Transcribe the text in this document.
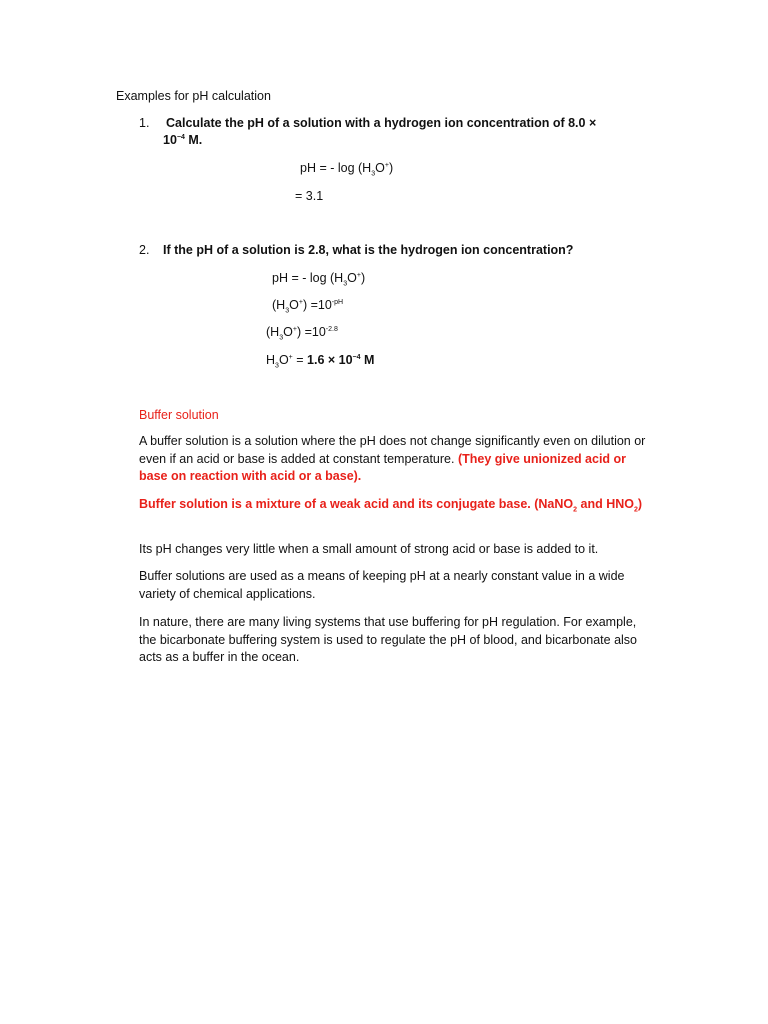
Examples for pH calculation
1. Calculate the pH of a solution with a hydrogen ion concentration of 8.0 ×
$10^{-4}$ M.
pH = - $\log (H_3O^+)$
= 3.1
2. If the pH of a solution is 2.8, what is the hydrogen ion concentration?
pH = - $\log (H_3O^+)$
$(H_3O^+) =10^{-pH}$
$(H_3O^+) =10^{-2.8}$
$H_3O^+ = 1.6 \times 10^{-4}$ M
Buffer solution
A buffer solution is a solution where the pH does not change significantly even on dilution or even if an acid or base is added at constant temperature. (They give unionized acid or base on reaction with acid or a base).
Buffer solution is a mixture of a weak acid and its conjugate base. (NaNO$_2$ and $HNO_2$)
Its pH changes very little when a small amount of strong acid or base is added to it.
Buffer solutions are used as a means of keeping pH at a nearly constant value in a wide variety of chemical applications.
In nature, there are many living systems that use buffering for pH regulation. For example, the bicarbonate buffering system is used to regulate the pH of blood, and bicarbonate also acts as a buffer in the ocean.
